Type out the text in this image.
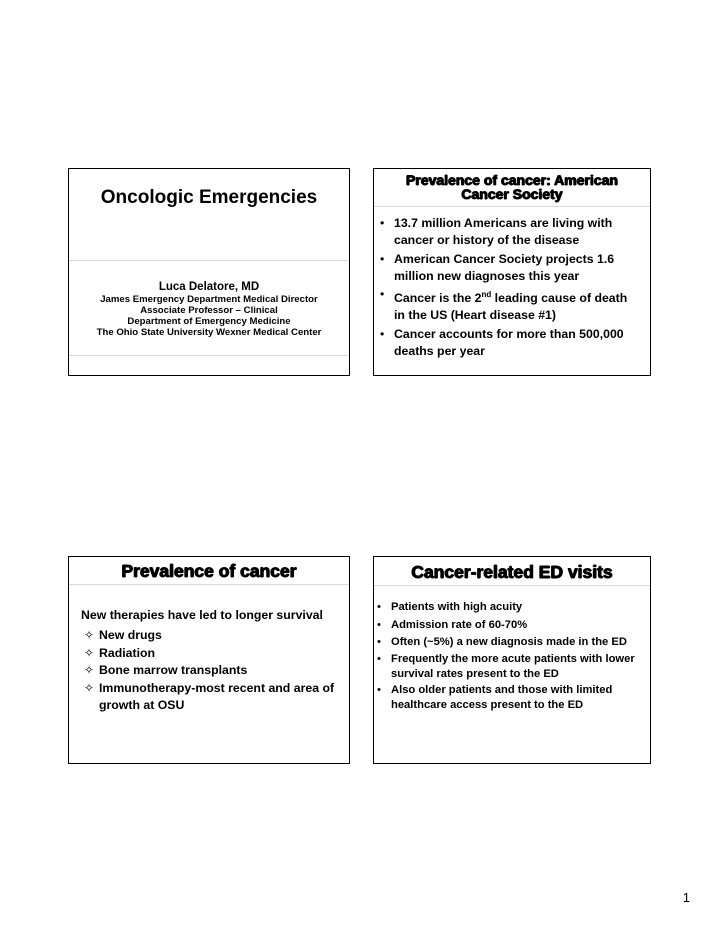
Oncologic Emergencies
Luca Delatore, MD
James Emergency Department Medical Director
Associate Professor – Clinical
Department of Emergency Medicine
The Ohio State University Wexner Medical Center
Prevalence of cancer: American
Cancer Society
• 13.7 million Americans are living with cancer or history of the disease
• American Cancer Society projects 1.6 million new diagnoses this year
• Cancer is the 2nd leading cause of death
in the US (Heart disease #1)
• Cancer accounts for more than 500,000 deaths per year
Prevalence of cancer
New therapies have led to longer survival
✧ New drugs
✧ Radiation
✧ Bone marrow transplants
✧ Immunotherapy-most recent and area of growth at OSU
Cancer-related ED visits
• Patients with high acuity
• Admission rate of 60-70%
• Often (~5%) a new diagnosis made in the ED
• Frequently the more acute patients with lower survival rates present to the ED
• Also older patients and those with limited healthcare access present to the ED
1
